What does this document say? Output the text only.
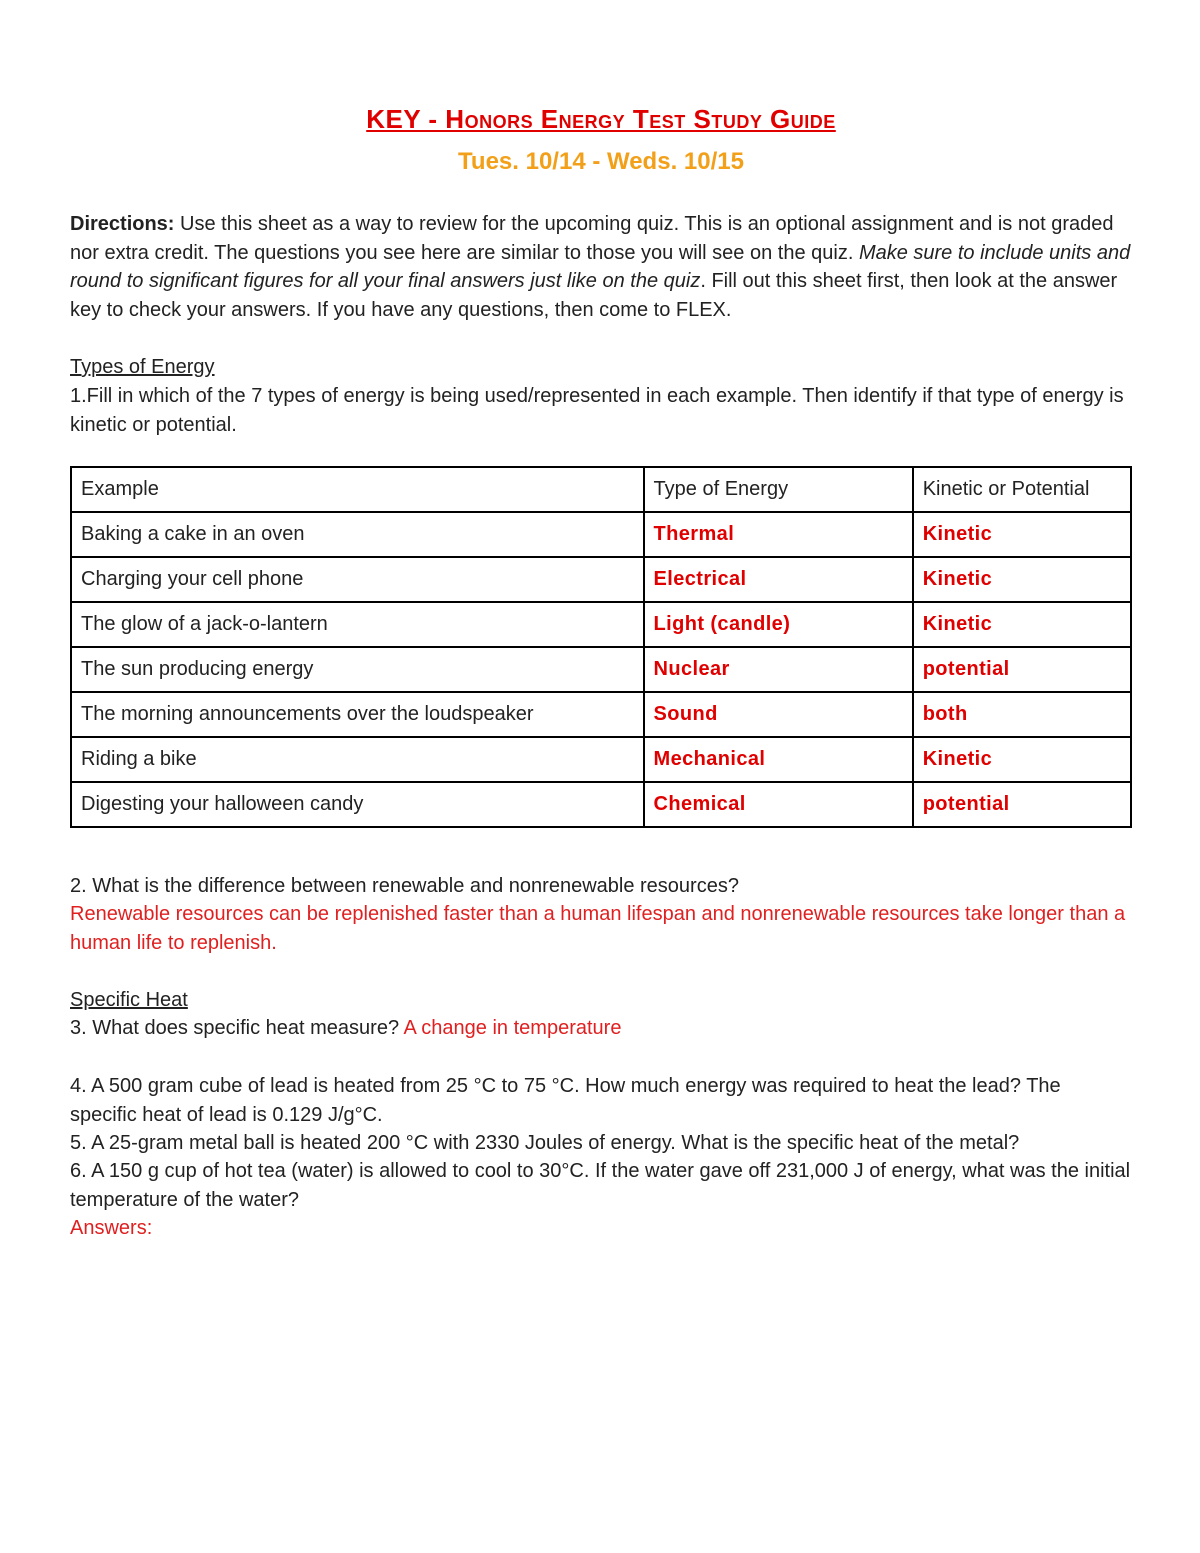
KEY - Honors Energy Test Study Guide
Tues. 10/14 - Weds. 10/15
Directions: Use this sheet as a way to review for the upcoming quiz. This is an optional assignment and is not graded nor extra credit. The questions you see here are similar to those you will see on the quiz. Make sure to include units and round to significant figures for all your final answers just like on the quiz. Fill out this sheet first, then look at the answer key to check your answers. If you have any questions, then come to FLEX.
Types of Energy
1.Fill in which of the 7 types of energy is being used/represented in each example. Then identify if that type of energy is kinetic or potential.
Example	Type of Energy	Kinetic or Potential
Baking a cake in an oven	Thermal	Kinetic
Charging your cell phone	Electrical	Kinetic
The glow of a jack-o-lantern	Light (candle)	Kinetic
The sun producing energy	Nuclear	potential
The morning announcements over the loudspeaker	Sound	both
Riding a bike	Mechanical	Kinetic
Digesting your halloween candy	Chemical	potential
2. What is the difference between renewable and nonrenewable resources?
Renewable resources can be replenished faster than a human lifespan and nonrenewable resources take longer than a human life to replenish.
Specific Heat
3. What does specific heat measure? A change in temperature
4. A 500 gram cube of lead is heated from 25 °C to 75 °C. How much energy was required to heat the lead? The specific heat of lead is 0.129 J/g°C.
5. A 25-gram metal ball is heated 200 °C with 2330 Joules of energy. What is the specific heat of the metal?
6. A 150 g cup of hot tea (water) is allowed to cool to 30°C. If the water gave off 231,000 J of energy, what was the initial temperature of the water?
Answers:
